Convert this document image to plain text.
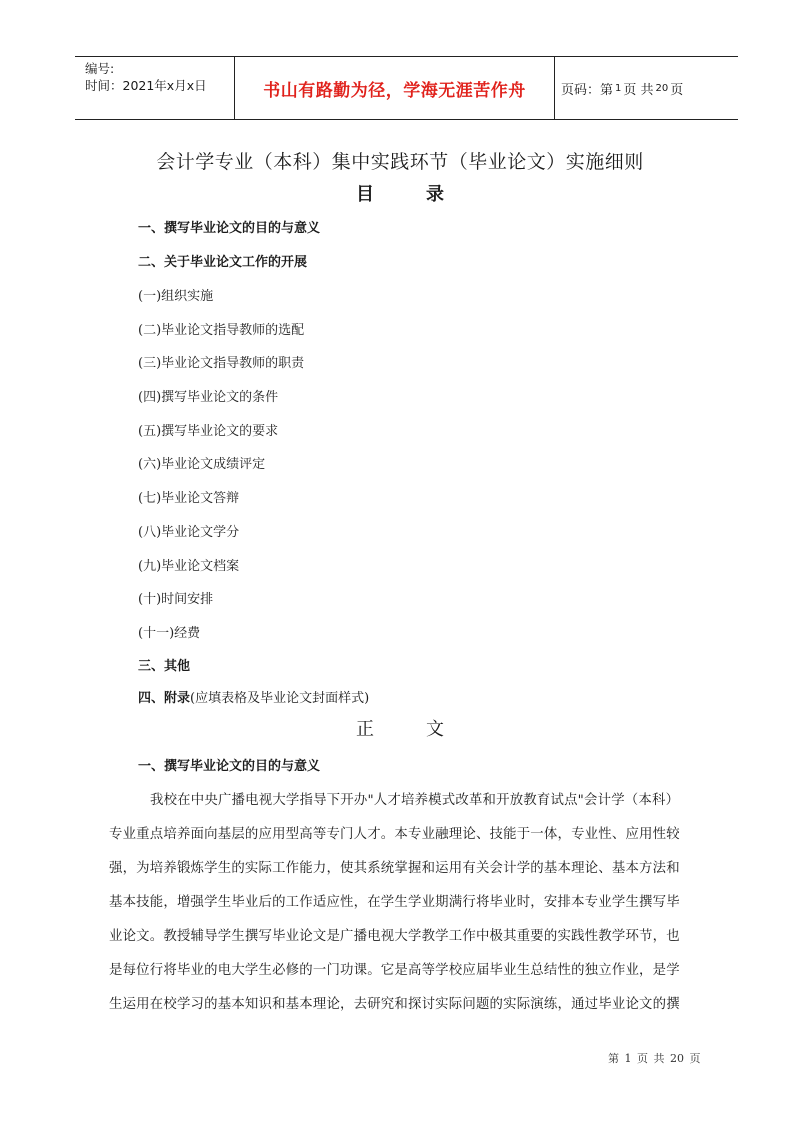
编号:
时间：2021年x月x日	书山有路勤为径，学海无涯苦作舟	页码：第 1 页 共 20 页
会计学专业（本科）集中实践环节（毕业论文）实施细则
目	录
一、撰写毕业论文的目的与意义
二、关于毕业论文工作的开展
(一)组织实施
(二)毕业论文指导教师的选配
(三)毕业论文指导教师的职责
(四)撰写毕业论文的条件
(五)撰写毕业论文的要求
(六)毕业论文成绩评定
(七)毕业论文答辩
(八)毕业论文学分
(九)毕业论文档案
(十)时间安排
(十一)经费
三、其他
四、附录(应填表格及毕业论文封面样式)
正	文
一、撰写毕业论文的目的与意义
我校在中央广播电视大学指导下开办"人才培养模式改革和开放教育试点"会计学（本科）
专业重点培养面向基层的应用型高等专门人才。本专业融理论、技能于一体，专业性、应用性较
强，为培养锻炼学生的实际工作能力，使其系统掌握和运用有关会计学的基本理论、基本方法和
基本技能，增强学生毕业后的工作适应性，在学生学业期满行将毕业时，安排本专业学生撰写毕
业论文。教授辅导学生撰写毕业论文是广播电视大学教学工作中极其重要的实践性教学环节，也
是每位行将毕业的电大学生必修的一门功课。它是高等学校应届毕业生总结性的独立作业，是学
生运用在校学习的基本知识和基本理论，去研究和探讨实际问题的实际演练，通过毕业论文的撰
第 1 页 共 20 页
